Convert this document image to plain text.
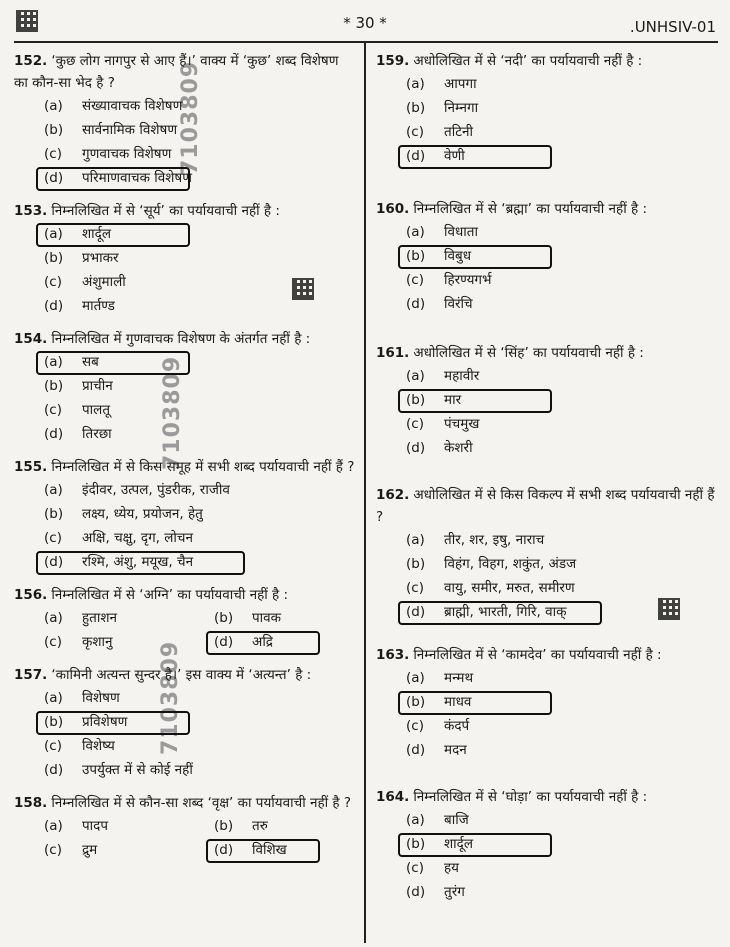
* 30 *	.UNHSIV-01
7103809
7103809
7103809
152. ‘कुछ लोग नागपुर से आए हैं।’ वाक्य में ‘कुछ’ शब्द विशेषण का कौन-सा भेद है ?
(a) संख्यावाचक विशेषण
(b) सार्वनामिक विशेषण
(c) गुणवाचक विशेषण
(d) परिमाणवाचक विशेषण
153. निम्नलिखित में से ‘सूर्य’ का पर्यायवाची नहीं है :
(a) शार्दूल
(b) प्रभाकर
(c) अंशुमाली
(d) मार्तण्ड
154. निम्नलिखित में गुणवाचक विशेषण के अंतर्गत नहीं है :
(a) सब
(b) प्राचीन
(c) पालतू
(d) तिरछा
155. निम्नलिखित में से किस समूह में सभी शब्द पर्यायवाची नहीं हैं ?
(a) इंदीवर, उत्पल, पुंडरीक, राजीव
(b) लक्ष्य, ध्येय, प्रयोजन, हेतु
(c) अक्षि, चक्षु, दृग, लोचन
(d) रश्मि, अंशु, मयूख, चैन
156. निम्नलिखित में से ‘अग्नि’ का पर्यायवाची नहीं है :
(a) हुताशन	(b) पावक
(c) कृशानु	(d) अद्रि
157. ‘कामिनी अत्यन्त सुन्दर है।’ इस वाक्य में ‘अत्यन्त’ है :
(a) विशेषण
(b) प्रविशेषण
(c) विशेष्य
(d) उपर्युक्त में से कोई नहीं
158. निम्नलिखित में से कौन-सा शब्द ‘वृक्ष’ का पर्यायवाची नहीं है ?
(a) पादप	(b) तरु
(c) द्रुम	(d) विशिख
159. अधोलिखित में से ‘नदी’ का पर्यायवाची नहीं है :
(a) आपगा
(b) निम्नगा
(c) तटिनी
(d) वेणी
160. निम्नलिखित में से ‘ब्रह्मा’ का पर्यायवाची नहीं है :
(a) विधाता
(b) विबुध
(c) हिरण्यगर्भ
(d) विरंचि
161. अधोलिखित में से ‘सिंह’ का पर्यायवाची नहीं है :
(a) महावीर
(b) मार
(c) पंचमुख
(d) केशरी
162. अधोलिखित में से किस विकल्प में सभी शब्द पर्यायवाची नहीं हैं ?
(a) तीर, शर, इषु, नाराच
(b) विहंग, विहग, शकुंत, अंडज
(c) वायु, समीर, मरुत, समीरण
(d) ब्राह्मी, भारती, गिरि, वाक्
163. निम्नलिखित में से ‘कामदेव’ का पर्यायवाची नहीं है :
(a) मन्मथ
(b) माधव
(c) कंदर्प
(d) मदन
164. निम्नलिखित में से ‘घोड़ा’ का पर्यायवाची नहीं है :
(a) बाजि
(b) शार्दूल
(c) हय
(d) तुरंग
